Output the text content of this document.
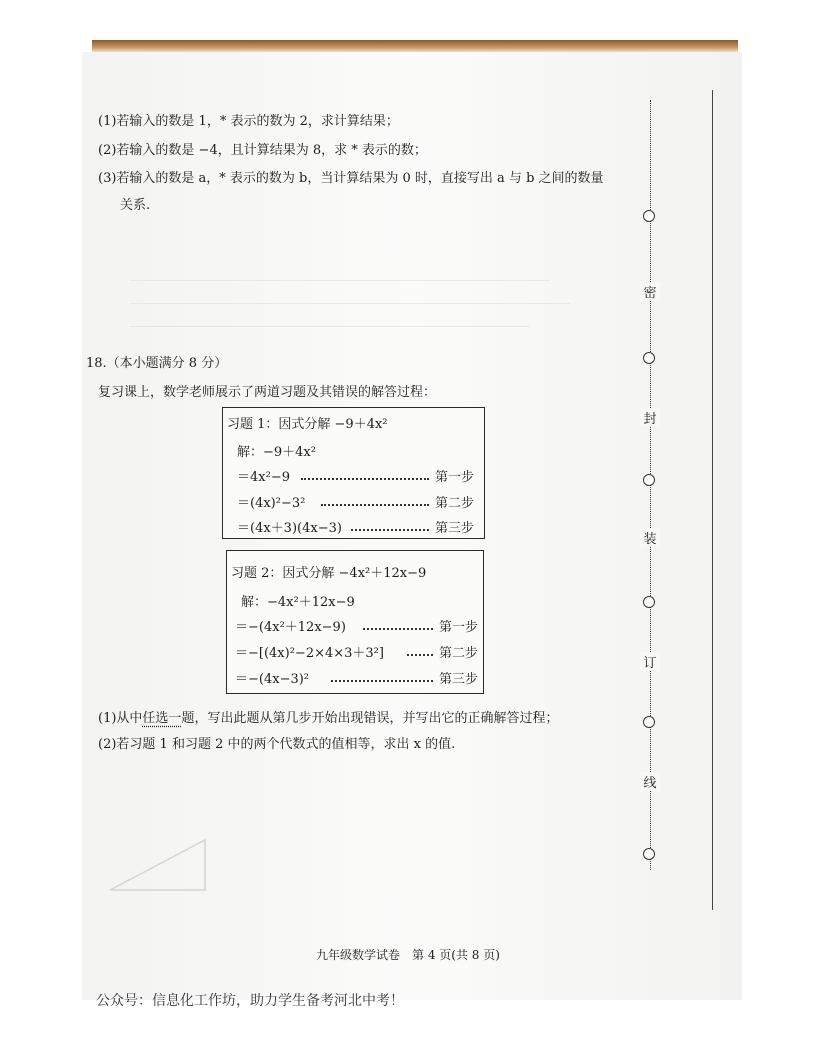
(1)若输入的数是 1，* 表示的数为 2，求计算结果；
(2)若输入的数是 −4，且计算结果为 8，求 * 表示的数；
(3)若输入的数是 a，* 表示的数为 b，当计算结果为 0 时，直接写出 a 与 b 之间的数量
关系.
18.（本小题满分 8 分）
复习课上，数学老师展示了两道习题及其错误的解答过程：
习题 1：因式分解 −9＋4x²
解：−9＋4x²
＝4x²−9	第一步
＝(4x)²−3²	第二步
＝(4x＋3)(4x−3)	第三步
习题 2：因式分解 −4x²＋12x−9
解：−4x²＋12x−9
＝−(4x²＋12x−9)	第一步
＝−[(4x)²−2×4×3＋3²]	第二步
＝−(4x−3)²	第三步
(1)从中任选一题，写出此题从第几步开始出现错误，并写出它的正确解答过程；
(2)若习题 1 和习题 2 中的两个代数式的值相等，求出 x 的值.
密
封
装
订
线
九年级数学试卷　第 4 页(共 8 页)
公众号：信息化工作坊，助力学生备考河北中考！
